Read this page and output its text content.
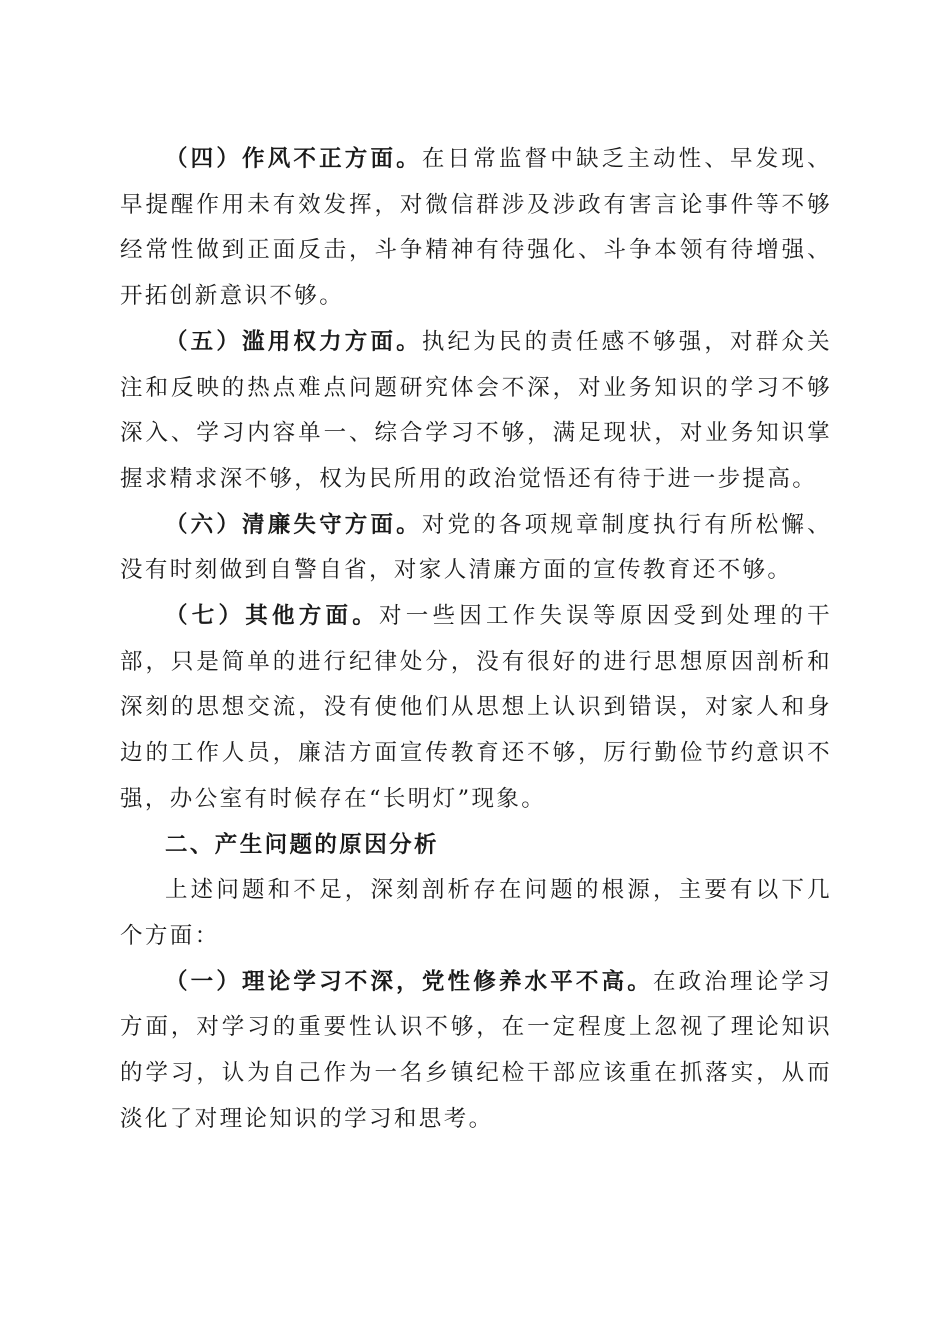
（四）作风不正方面。在日常监督中缺乏主动性、早发现、早提醒作用未有效发挥，对微信群涉及涉政有害言论事件等不够经常性做到正面反击，斗争精神有待强化、斗争本领有待增强、开拓创新意识不够。

（五）滥用权力方面。执纪为民的责任感不够强，对群众关注和反映的热点难点问题研究体会不深，对业务知识的学习不够深入、学习内容单一、综合学习不够，满足现状，对业务知识掌握求精求深不够，权为民所用的政治觉悟还有待于进一步提高。

（六）清廉失守方面。对党的各项规章制度执行有所松懈、没有时刻做到自警自省，对家人清廉方面的宣传教育还不够。

（七）其他方面。对一些因工作失误等原因受到处理的干部，只是简单的进行纪律处分，没有很好的进行思想原因剖析和深刻的思想交流，没有使他们从思想上认识到错误，对家人和身边的工作人员，廉洁方面宣传教育还不够，厉行勤俭节约意识不强，办公室有时候存在“长明灯”现象。

二、产生问题的原因分析

上述问题和不足，深刻剖析存在问题的根源，主要有以下几个方面：

（一）理论学习不深，党性修养水平不高。在政治理论学习方面，对学习的重要性认识不够，在一定程度上忽视了理论知识的学习，认为自己作为一名乡镇纪检干部应该重在抓落实，从而淡化了对理论知识的学习和思考。
